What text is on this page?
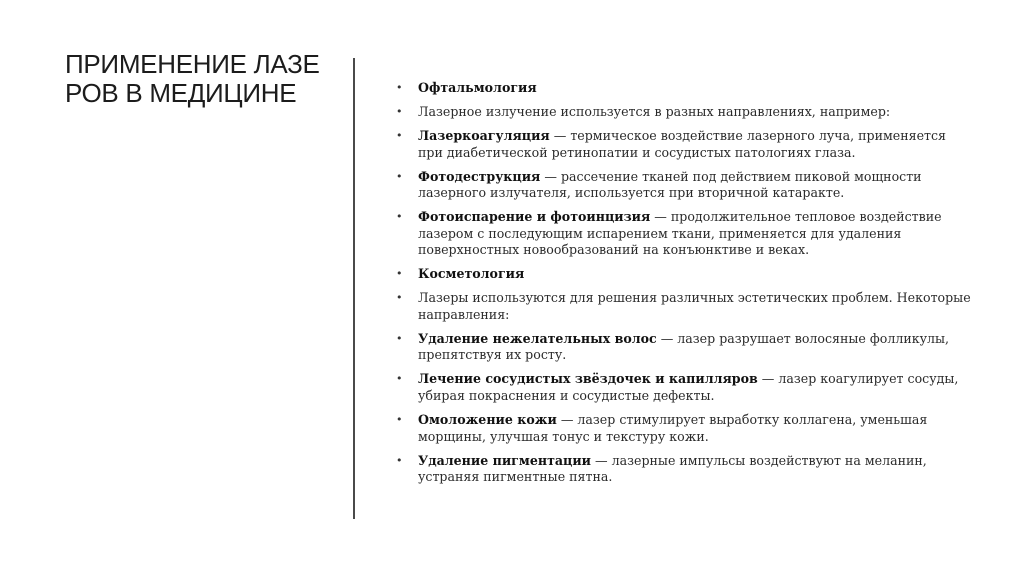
ПРИМЕНЕНИЕ ЛАЗЕ
РОВ В МЕДИЦИНЕ	• Офтальмология
• Лазерное излучение используется в разных направлениях, например:
• Лазеркоагуляция — термическое воздействие лазерного луча, применяется при диабетической ретинопатии и сосудистых патологиях глаза.
• Фотодеструкция — рассечение тканей под действием пиковой мощности лазерного излучателя, используется при вторичной катаракте.
• Фотоиспарение и фотоинцизия — продолжительное тепловое воздействие лазером с последующим испарением ткани, применяется для удаления поверхностных новообразований на конъюнктиве и веках.
• Косметология
• Лазеры используются для решения различных эстетических проблем. Некоторые направления:
• Удаление нежелательных волос — лазер разрушает волосяные фолликулы, препятствуя их росту.
• Лечение сосудистых звёздочек и капилляров — лазер коагулирует сосуды, убирая покраснения и сосудистые дефекты.
• Омоложение кожи — лазер стимулирует выработку коллагена, уменьшая морщины, улучшая тонус и текстуру кожи.
• Удаление пигментации — лазерные импульсы воздействуют на меланин, устраняя пигментные пятна.
